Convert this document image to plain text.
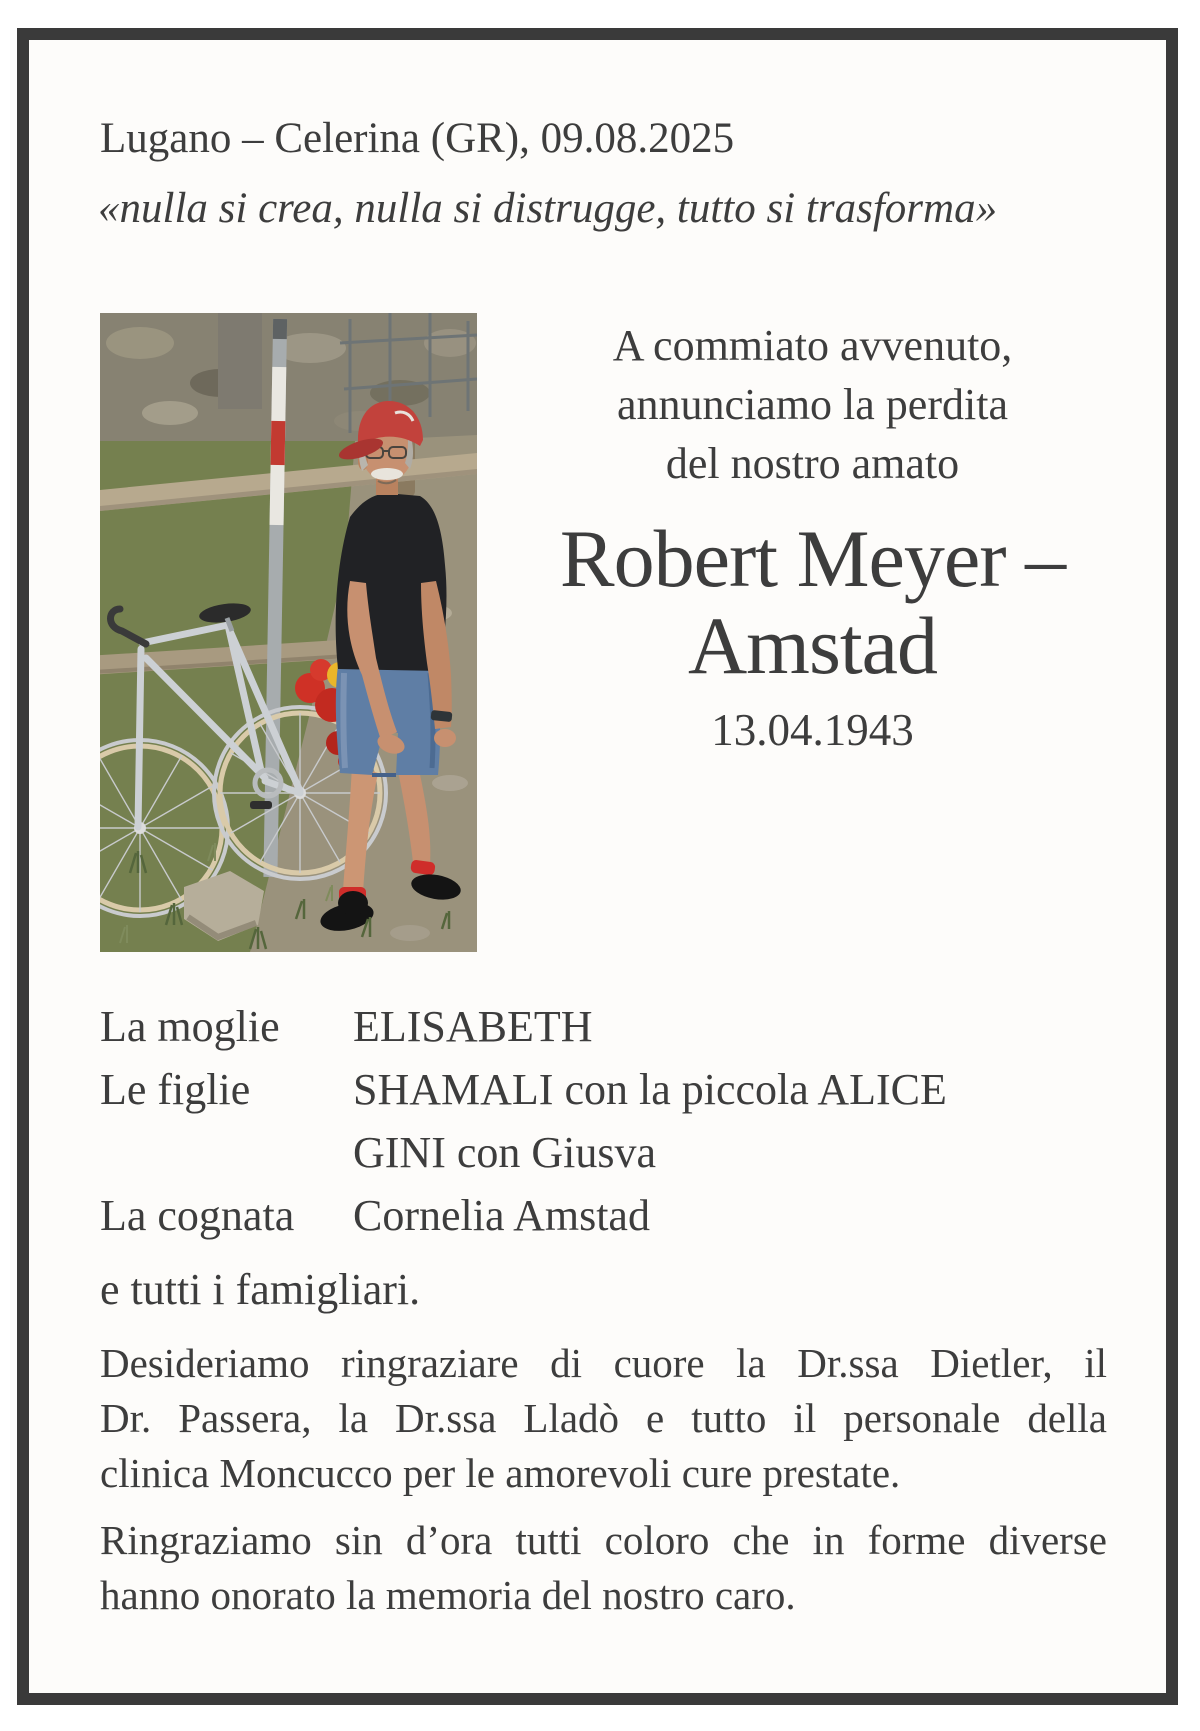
Lugano – Celerina (GR), 09.08.2025
«nulla si crea, nulla si distrugge, tutto si trasforma»
A commiato avvenuto,
annunciamo la perdita
del nostro amato
Robert Meyer –
Amstad
13.04.1943
La moglie	ELISABETH
Le figlie	SHAMALI con la piccola ALICE
GINI con Giusva
La cognata	Cornelia Amstad
e tutti i famigliari.
Desideriamo ringraziare di cuore la Dr.ssa Dietler, il
Dr. Passera, la Dr.ssa Lladò e tutto il personale della
clinica Moncucco per le amorevoli cure prestate.
Ringraziamo sin d’ora tutti coloro che in forme diverse
hanno onorato la memoria del nostro caro.
